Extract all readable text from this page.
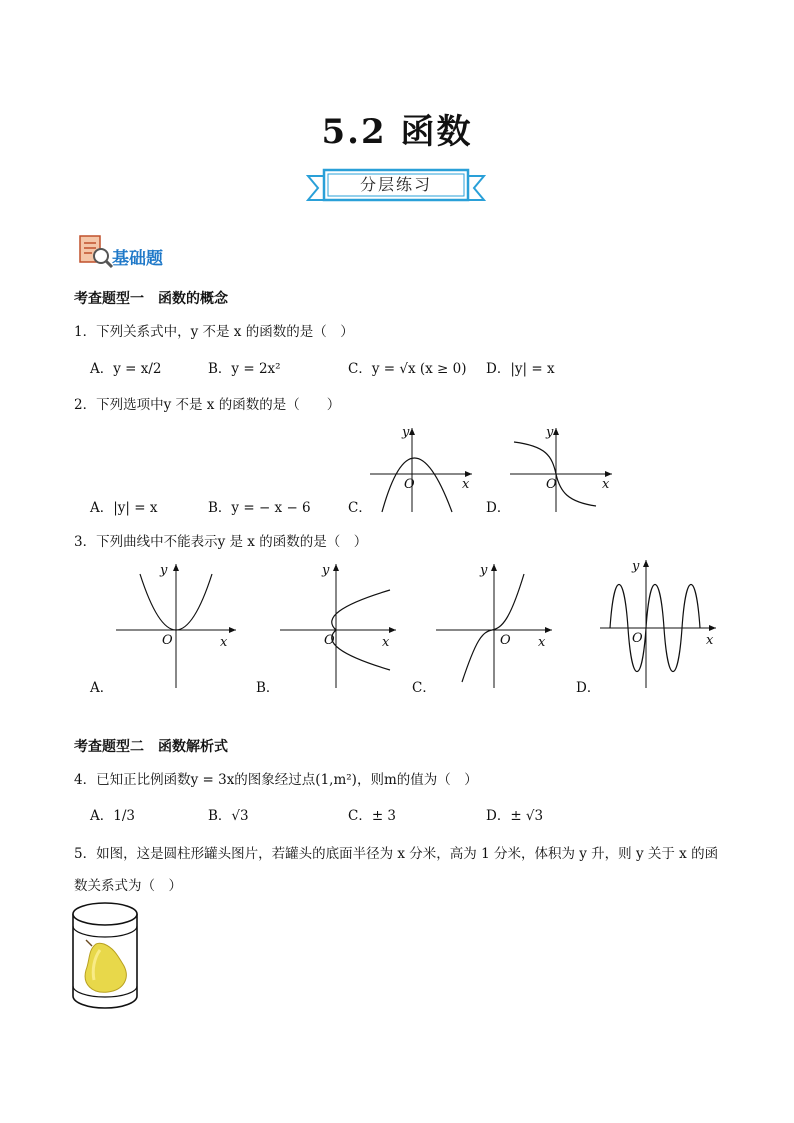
5.2 函数
分层练习
基础题
考查题型一　函数的概念
1．下列关系式中，y 不是 x 的函数的是（　）
A．y = x/2	B．y = 2x²	C．y = √x (x ≥ 0) D．|y| = x
2．下列选项中y 不是 x 的函数的是（　　）
A．|y| = x	B．y = − x − 6	C．	D．
O	x
y
O	x
y
3．下列曲线中不能表示y 是 x 的函数的是（　）
O	x
y
A．
O	x
y
B．
O x
y
C．
O	x
y
D．
考查题型二　函数解析式
4．已知正比例函数y = 3x的图象经过点(1,m²)，则m的值为（　）
A．1/3	B．√3	C．± 3	D．± √3
5．如图，这是圆柱形罐头图片，若罐头的底面半径为 x 分米，高为 1 分米，体积为 y 升，则 y 关于 x 的函
数关系式为（　）
